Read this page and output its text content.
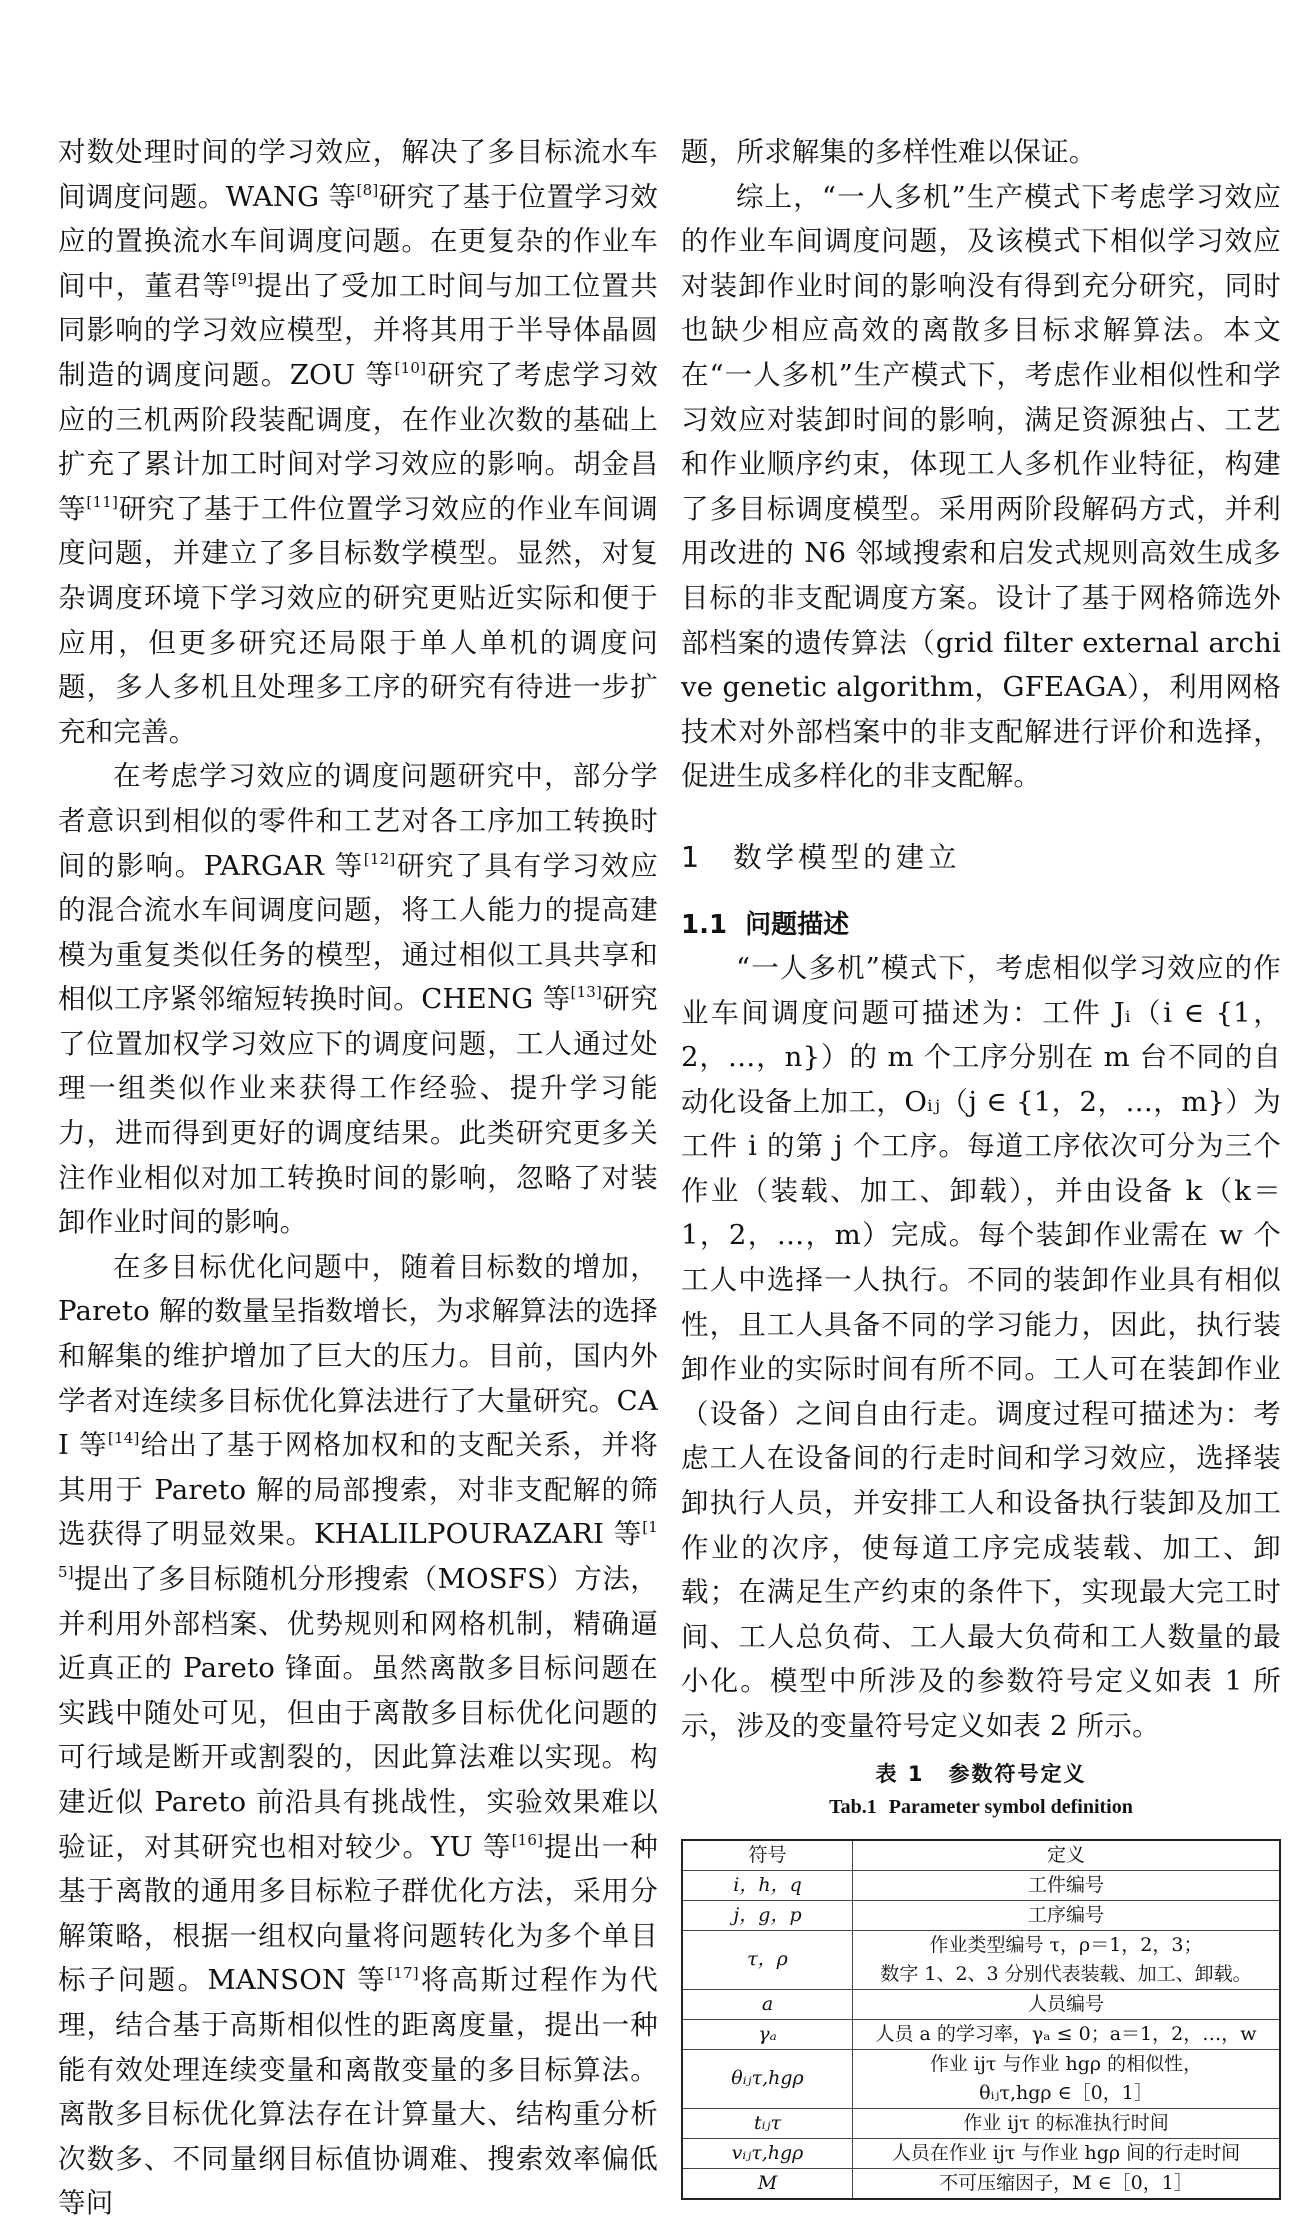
对数处理时间的学习效应，解决了多目标流水车间调度问题。WANG 等[8]研究了基于位置学习效应的置换流水车间调度问题。在更复杂的作业车间中，董君等[9]提出了受加工时间与加工位置共同影响的学习效应模型，并将其用于半导体晶圆制造的调度问题。ZOU 等[10]研究了考虑学习效应的三机两阶段装配调度，在作业次数的基础上扩充了累计加工时间对学习效应的影响。胡金昌等[11]研究了基于工件位置学习效应的作业车间调度问题，并建立了多目标数学模型。显然，对复杂调度环境下学习效应的研究更贴近实际和便于应用，但更多研究还局限于单人单机的调度问题，多人多机且处理多工序的研究有待进一步扩充和完善。

在考虑学习效应的调度问题研究中，部分学者意识到相似的零件和工艺对各工序加工转换时间的影响。PARGAR 等[12]研究了具有学习效应的混合流水车间调度问题，将工人能力的提高建模为重复类似任务的模型，通过相似工具共享和相似工序紧邻缩短转换时间。CHENG 等[13]研究了位置加权学习效应下的调度问题，工人通过处理一组类似作业来获得工作经验、提升学习能力，进而得到更好的调度结果。此类研究更多关注作业相似对加工转换时间的影响，忽略了对装卸作业时间的影响。

在多目标优化问题中，随着目标数的增加，Pareto 解的数量呈指数增长，为求解算法的选择和解集的维护增加了巨大的压力。目前，国内外学者对连续多目标优化算法进行了大量研究。CAI 等[14]给出了基于网格加权和的支配关系，并将其用于 Pareto 解的局部搜索，对非支配解的筛选获得了明显效果。KHALILPOURAZARI 等[15]提出了多目标随机分形搜索（MOSFS）方法，并利用外部档案、优势规则和网格机制，精确逼近真正的 Pareto 锋面。虽然离散多目标问题在实践中随处可见，但由于离散多目标优化问题的可行域是断开或割裂的，因此算法难以实现。构建近似 Pareto 前沿具有挑战性，实验效果难以验证，对其研究也相对较少。YU 等[16]提出一种基于离散的通用多目标粒子群优化方法，采用分解策略，根据一组权向量将问题转化为多个单目标子问题。MANSON 等[17]将高斯过程作为代理，结合基于高斯相似性的距离度量，提出一种能有效处理连续变量和离散变量的多目标算法。离散多目标优化算法存在计算量大、结构重分析次数多、不同量纲目标值协调难、搜索效率偏低等问

题，所求解集的多样性难以保证。

综上，“一人多机”生产模式下考虑学习效应的作业车间调度问题，及该模式下相似学习效应对装卸作业时间的影响没有得到充分研究，同时也缺少相应高效的离散多目标求解算法。本文在“一人多机”生产模式下，考虑作业相似性和学习效应对装卸时间的影响，满足资源独占、工艺和作业顺序约束，体现工人多机作业特征，构建了多目标调度模型。采用两阶段解码方式，并利用改进的 N6 邻域搜索和启发式规则高效生成多目标的非支配调度方案。设计了基于网格筛选外部档案的遗传算法（grid filter external archive genetic algorithm，GFEAGA），利用网格技术对外部档案中的非支配解进行评价和选择，促进生成多样化的非支配解。

1 数学模型的建立
1.1 问题描述

“一人多机”模式下，考虑相似学习效应的作业车间调度问题可描述为：工件 Jᵢ（i ∈ {1，2，…，n}）的 m 个工序分别在 m 台不同的自动化设备上加工，Oᵢⱼ（j ∈ {1，2，…，m}）为工件 i 的第 j 个工序。每道工序依次可分为三个作业（装载、加工、卸载），并由设备 k（k＝1，2，…，m）完成。每个装卸作业需在 w 个工人中选择一人执行。不同的装卸作业具有相似性，且工人具备不同的学习能力，因此，执行装卸作业的实际时间有所不同。工人可在装卸作业（设备）之间自由行走。调度过程可描述为：考虑工人在设备间的行走时间和学习效应，选择装卸执行人员，并安排工人和设备执行装卸及加工作业的次序，使每道工序完成装载、加工、卸载；在满足生产约束的条件下，实现最大完工时间、工人总负荷、工人最大负荷和工人数量的最小化。模型中所涉及的参数符号定义如表 1 所示，涉及的变量符号定义如表 2 所示。

表 1 参数符号定义
Tab.1 Parameter symbol definition
符号	定义
i，h，q	工件编号
j，g，p	工序编号
τ，ρ	作业类型编号 τ，ρ＝1，2，3；
数字 1、2、3 分别代表装载、加工、卸载。
a	人员编号
γₐ	人员 a 的学习率，γₐ ≤ 0；a＝1，2，…，w
θᵢⱼτ,hgρ	作业 ijτ 与作业 hgρ 的相似性，
θᵢⱼτ,hgρ ∈［0，1］
tᵢⱼτ	作业 ijτ 的标准执行时间
vᵢⱼτ,hgρ	人员在作业 ijτ 与作业 hgρ 间的行走时间
M	不可压缩因子，M ∈［0，1］
